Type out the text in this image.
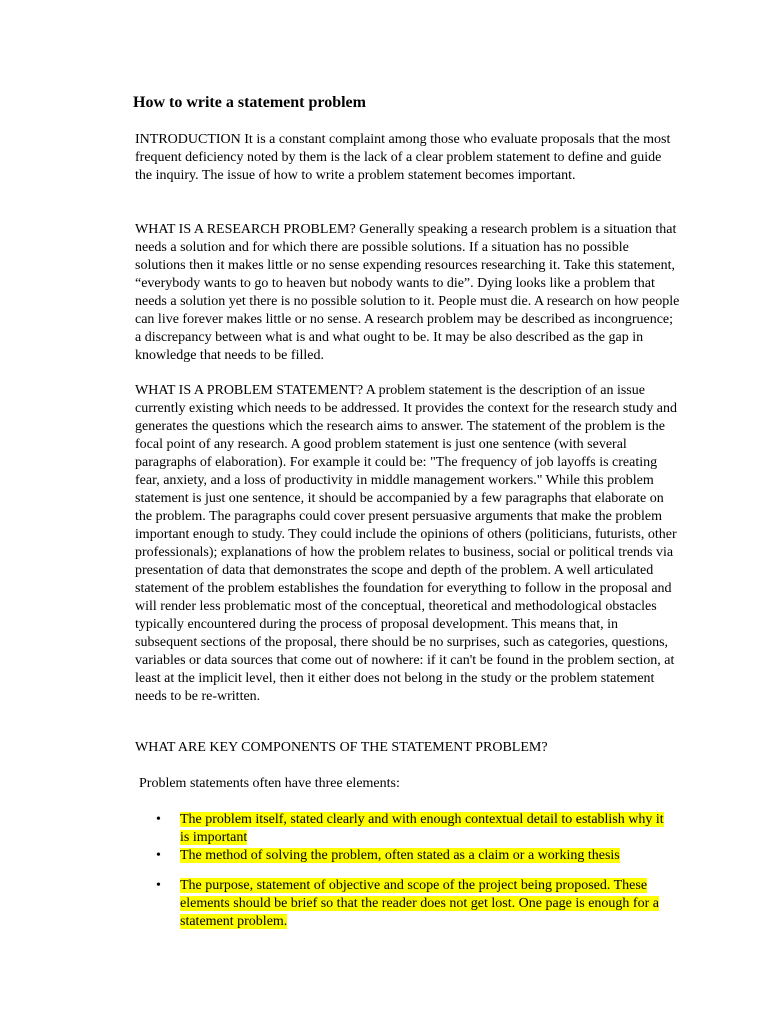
How to write a statement problem

INTRODUCTION It is a constant complaint among those who evaluate proposals that the most frequent deficiency noted by them is the lack of a clear problem statement to define and guide the inquiry. The issue of how to write a problem statement becomes important.

WHAT IS A RESEARCH PROBLEM? Generally speaking a research problem is a situation that needs a solution and for which there are possible solutions. If a situation has no possible solutions then it makes little or no sense expending resources researching it. Take this statement, “everybody wants to go to heaven but nobody wants to die”. Dying looks like a problem that needs a solution yet there is no possible solution to it. People must die. A research on how people can live forever makes little or no sense. A research problem may be described as incongruence; a discrepancy between what is and what ought to be. It may be also described as the gap in knowledge that needs to be filled.

WHAT IS A PROBLEM STATEMENT? A problem statement is the description of an issue currently existing which needs to be addressed. It provides the context for the research study and generates the questions which the research aims to answer. The statement of the problem is the focal point of any research. A good problem statement is just one sentence (with several paragraphs of elaboration). For example it could be: "The frequency of job layoffs is creating fear, anxiety, and a loss of productivity in middle management workers." While this problem statement is just one sentence, it should be accompanied by a few paragraphs that elaborate on the problem. The paragraphs could cover present persuasive arguments that make the problem important enough to study. They could include the opinions of others (politicians, futurists, other professionals); explanations of how the problem relates to business, social or political trends via presentation of data that demonstrates the scope and depth of the problem. A well articulated statement of the problem establishes the foundation for everything to follow in the proposal and will render less problematic most of the conceptual, theoretical and methodological obstacles typically encountered during the process of proposal development. This means that, in subsequent sections of the proposal, there should be no surprises, such as categories, questions, variables or data sources that come out of nowhere: if it can't be found in the problem section, at least at the implicit level, then it either does not belong in the study or the problem statement needs to be re-written.

WHAT ARE KEY COMPONENTS OF THE STATEMENT PROBLEM?

Problem statements often have three elements:

• The problem itself, stated clearly and with enough contextual detail to establish why it is important
• The method of solving the problem, often stated as a claim or a working thesis
• The purpose, statement of objective and scope of the project being proposed. These elements should be brief so that the reader does not get lost. One page is enough for a statement problem.
